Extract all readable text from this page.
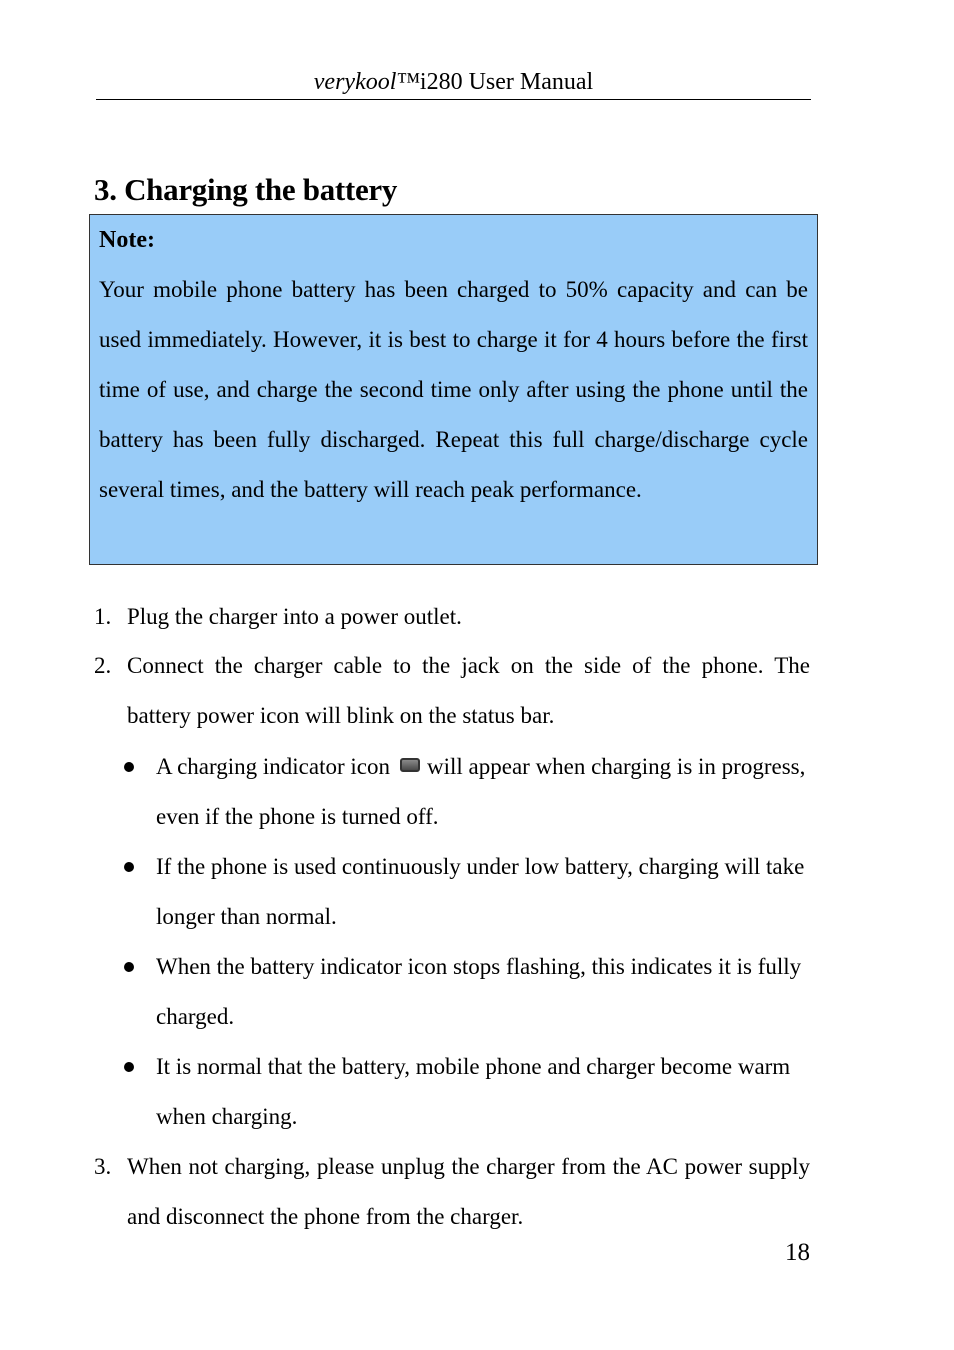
verykool™i280 User Manual
3. Charging the battery
Note:
Your mobile phone battery has been charged to 50% capacity and can be used immediately. However, it is best to charge it for 4 hours before the first time of use, and charge the second time only after using the phone until the battery has been fully discharged. Repeat this full charge/discharge cycle several times, and the battery will reach peak performance.
1. Plug the charger into a power outlet.
2. Connect the charger cable to the jack on the side of the phone. The battery power icon will blink on the status bar.
A charging indicator icon will appear when charging is in progress, even if the phone is turned off.
If the phone is used continuously under low battery, charging will take longer than normal.
When the battery indicator icon stops flashing, this indicates it is fully charged.
It is normal that the battery, mobile phone and charger become warm when charging.
3. When not charging, please unplug the charger from the AC power supply and disconnect the phone from the charger.
18
